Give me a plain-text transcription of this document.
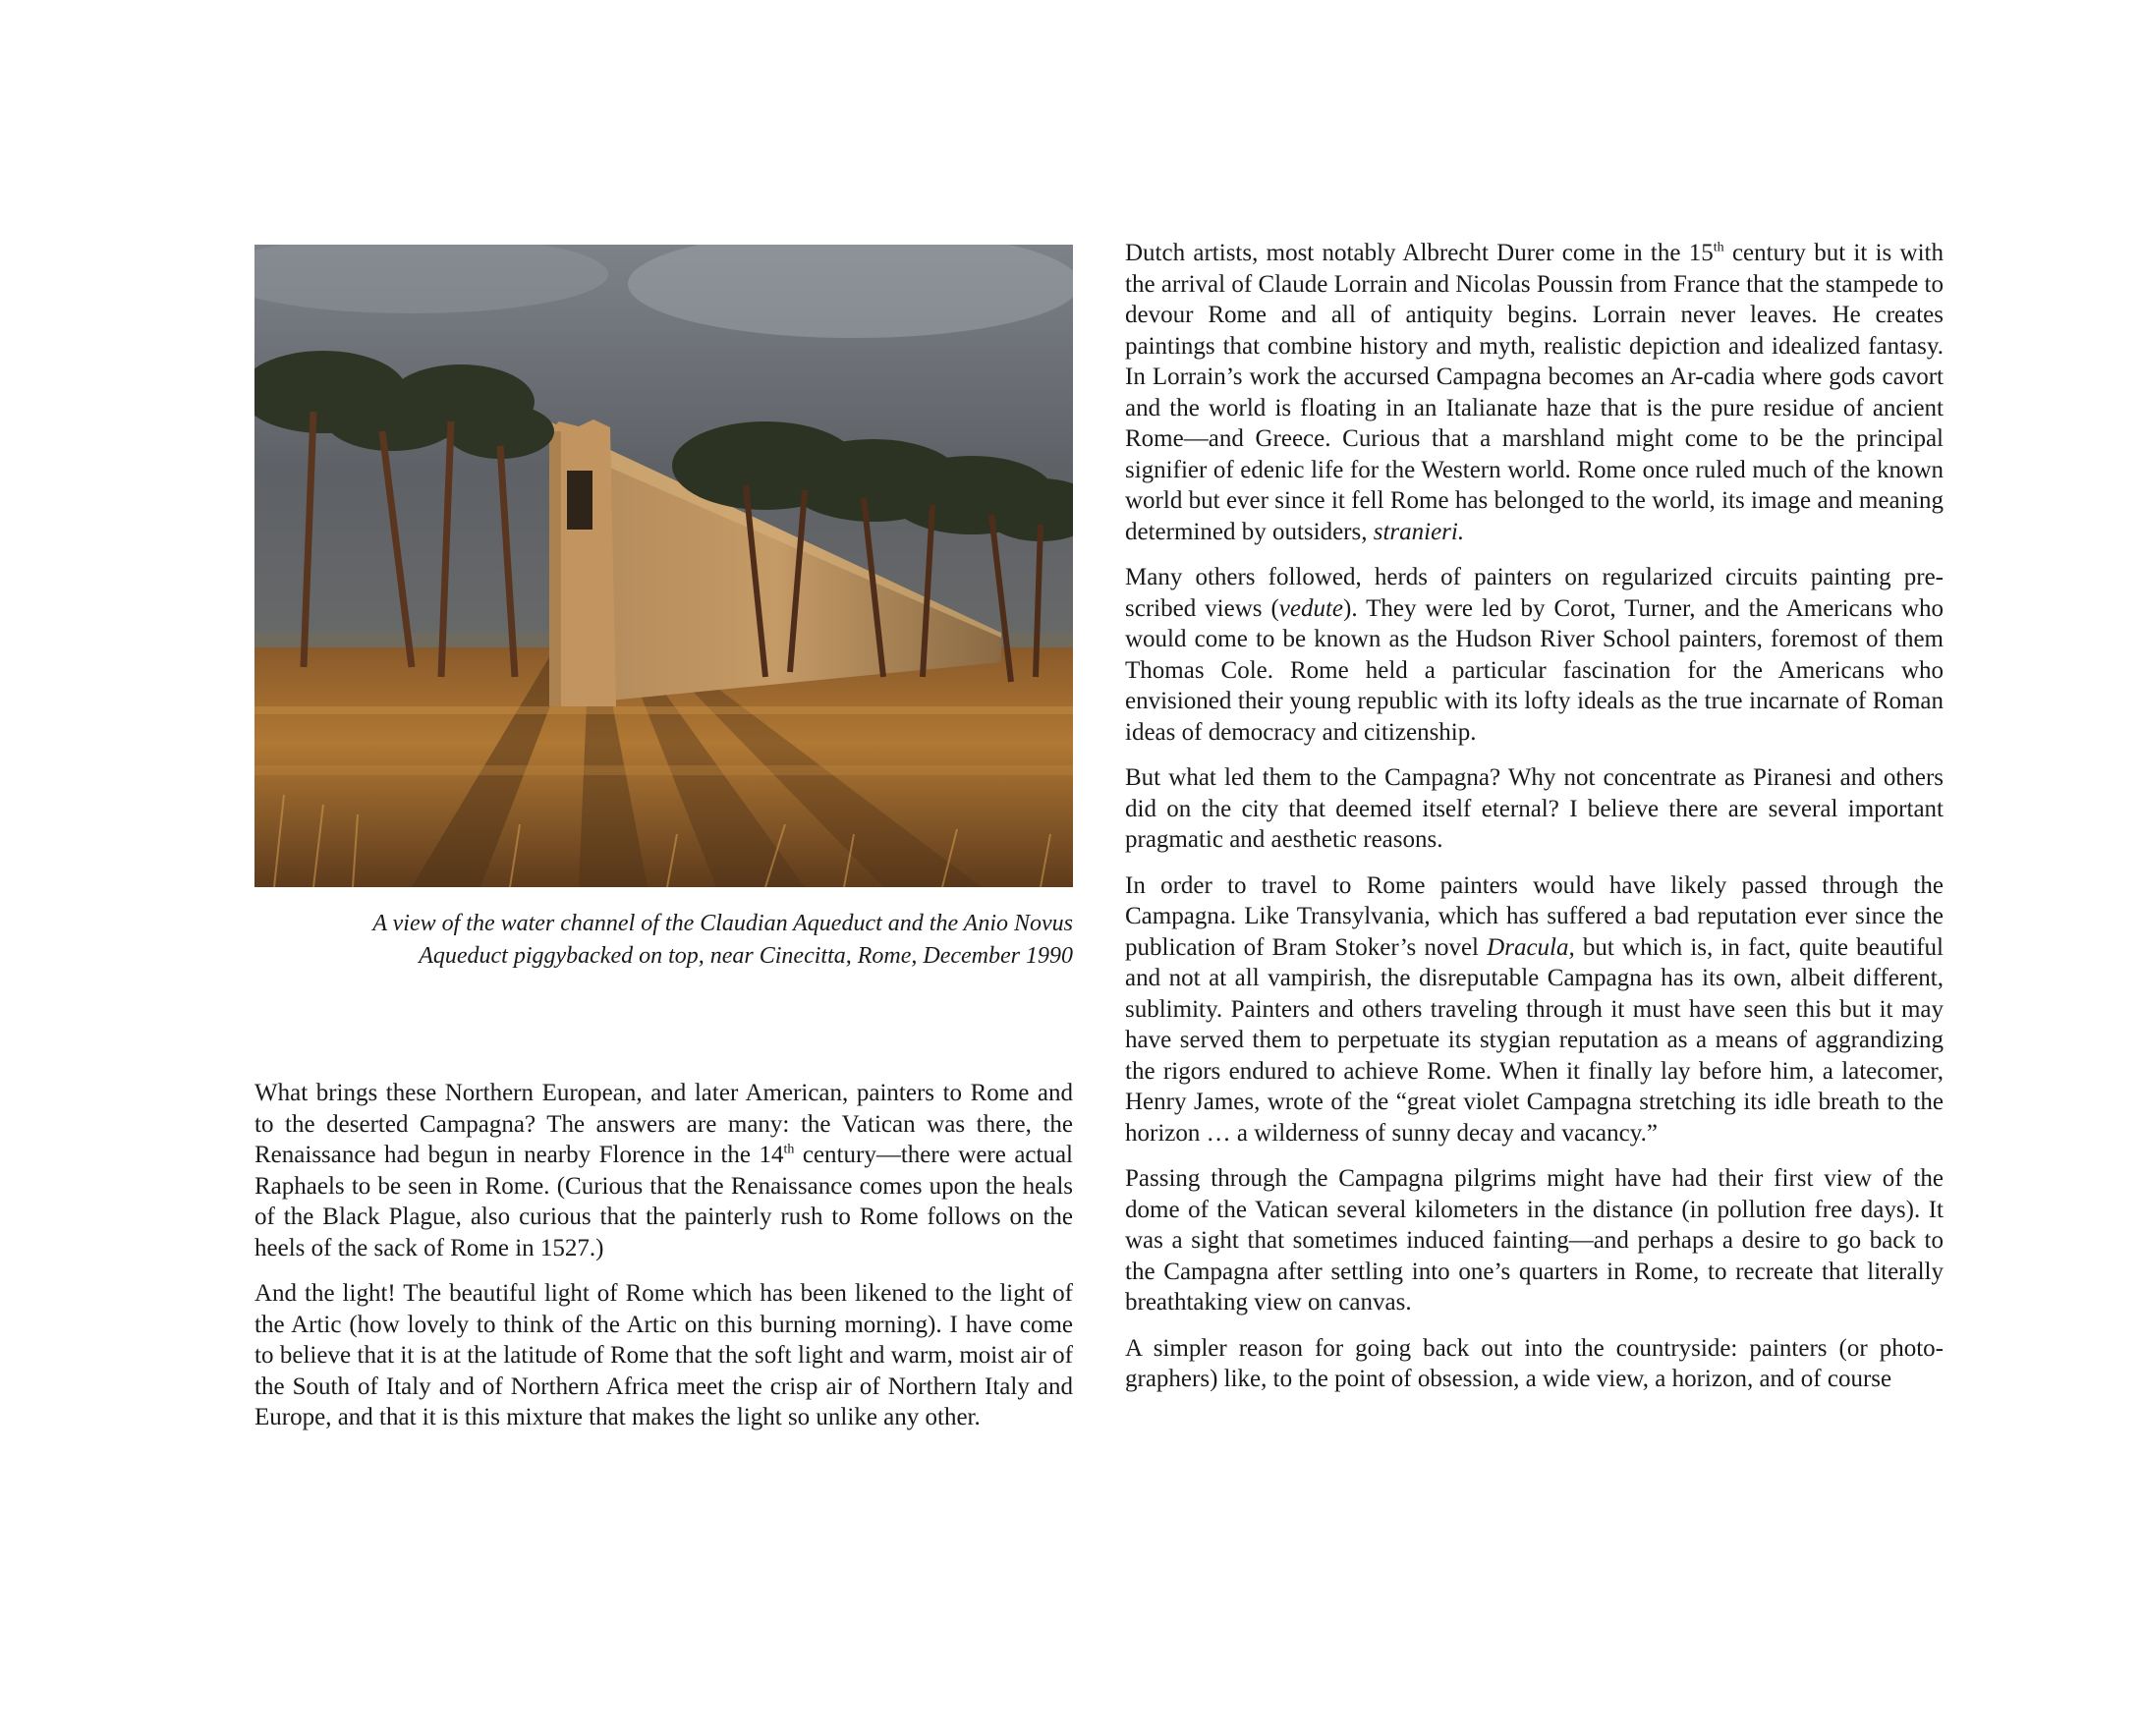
A view of the water channel of the Claudian Aqueduct and the Anio Novus
Aqueduct piggybacked on top, near Cinecitta, Rome, December 1990

What brings these Northern European, and later American, painters to Rome and to the deserted Campagna? The answers are many: the Vatican was there, the Renaissance had begun in nearby Florence in the 14th century—there were actual Raphaels to be seen in Rome. (Curious that the Renaissance comes upon the heals of the Black Plague, also curious that the painterly rush to Rome follows on the heels of the sack of Rome in 1527.)

And the light! The beautiful light of Rome which has been likened to the light of the Artic (how lovely to think of the Artic on this burning morning). I have come to believe that it is at the latitude of Rome that the soft light and warm, moist air of the South of Italy and of Northern Africa meet the crisp air of Northern Italy and Europe, and that it is this mixture that makes the light so unlike any other.

Dutch artists, most notably Albrecht Durer come in the 15th century but it is with the arrival of Claude Lorrain and Nicolas Poussin from France that the stampede to devour Rome and all of antiquity begins. Lorrain never leaves. He creates paintings that combine history and myth, realistic depiction and idealized fantasy. In Lorrain’s work the accursed Campagna becomes an Ar-cadia where gods cavort and the world is floating in an Italianate haze that is the pure residue of ancient Rome—and Greece. Curious that a marshland might come to be the principal signifier of edenic life for the Western world. Rome once ruled much of the known world but ever since it fell Rome has belonged to the world, its image and meaning determined by outsiders, stranieri.

Many others followed, herds of painters on regularized circuits painting pre-scribed views (vedute). They were led by Corot, Turner, and the Americans who would come to be known as the Hudson River School painters, foremost of them Thomas Cole. Rome held a particular fascination for the Americans who envisioned their young republic with its lofty ideals as the true incarnate of Roman ideas of democracy and citizenship.

But what led them to the Campagna? Why not concentrate as Piranesi and others did on the city that deemed itself eternal? I believe there are several important pragmatic and aesthetic reasons.

In order to travel to Rome painters would have likely passed through the Campagna. Like Transylvania, which has suffered a bad reputation ever since the publication of Bram Stoker’s novel Dracula, but which is, in fact, quite beautiful and not at all vampirish, the disreputable Campagna has its own, albeit different, sublimity. Painters and others traveling through it must have seen this but it may have served them to perpetuate its stygian reputation as a means of aggrandizing the rigors endured to achieve Rome. When it finally lay before him, a latecomer, Henry James, wrote of the “great violet Campagna stretching its idle breath to the horizon … a wilderness of sunny decay and vacancy.”

Passing through the Campagna pilgrims might have had their first view of the dome of the Vatican several kilometers in the distance (in pollution free days). It was a sight that sometimes induced fainting—and perhaps a desire to go back to the Campagna after settling into one’s quarters in Rome, to recreate that literally breathtaking view on canvas.

A simpler reason for going back out into the countryside: painters (or photo-graphers) like, to the point of obsession, a wide view, a horizon, and of course
